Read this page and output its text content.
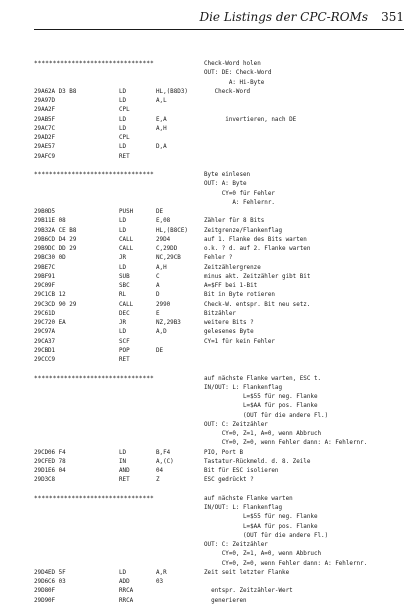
Die Listings der CPC-ROMs 351
********************************	Check-Word holen
OUT: DE: Check-Word
A: Hi-Byte
29A6 2A D3 B8	LD	HL,(B8D3)	Check-Word
29A9 7D	LD	A,L
29AA 2F	CPL
29AB 5F	LD	E,A	invertieren, nach DE
29AC 7C	LD	A,H
29AD 2F	CPL
29AE 57	LD	D,A
29AF C9	RET
********************************	Byte einlesen
OUT: A: Byte
CY=0 für Fehler
A: Fehlernr.
29B0 D5	PUSH	DE
29B1 1E 08	LD	E,08	Zähler für 8 Bits
29B3 2A CE B8	LD	HL,(B8CE)	Zeitgrenze/Flankenflag
29B6 CD D4 29	CALL	29D4	auf 1. Flanke des Bits warten
29B9 DC DD 29	CALL	C,29DD	o.k. ? d. auf 2. Flanke warten
29BC 30 0D	JR	NC,29CB	Fehler ?
29BE 7C	LD	A,H	Zeitzählergrenze
29BF 91	SUB	C	minus akt. Zeitzähler gibt Bit
29C0 9F	SBC	A	A=$FF bei 1-Bit
29C1 CB 12	RL	D	Bit in Byte rotieren
29C3 CD 90 29	CALL	2990	Check-W. entspr. Bit neu setz.
29C6 1D	DEC	E	Bitzähler
29C7 20 EA	JR	NZ,29B3	weitere Bits ?
29C9 7A	LD	A,D	gelesenes Byte
29CA 37	SCF	CY=1 für kein Fehler
29CB D1	POP	DE
29CC C9	RET
********************************	auf nächste Flanke warten, ESC t.
IN/OUT: L: Flankenflag
L=$55 für neg. Flanke
L=$AA für pos. Flanke
(OUT für die andere Fl.)
OUT: C: Zeitzähler
CY=0, Z=1, A=0, wenn Abbruch
CY=0, Z=0, wenn Fehler dann: A: Fehlernr.
29CD 06 F4	LD	B,F4	PIO, Port B
29CF ED 78	IN	A,(C)	Tastatur-Rückmeld. d. 8. Zeile
29D1 E6 04	AND	04	Bit für ESC isolieren
29D3 C8	RET	Z	ESC gedrückt ?
********************************	auf nächste Flanke warten
IN/OUT: L: Flankenflag
L=$55 für neg. Flanke
L=$AA für pos. Flanke
(OUT für die andere Fl.)
OUT: C: Zeitzähler
CY=0, Z=1, A=0, wenn Abbruch
CY=0, Z=0, wenn Fehler dann: A: Fehlernr.
29D4 ED 5F	LD	A,R	Zeit seit letzter Flanke
29D6 C6 03	ADD	03
29D8 0F	RRCA	entspr. Zeitzähler-Wert
29D9 0F	RRCA	generieren
